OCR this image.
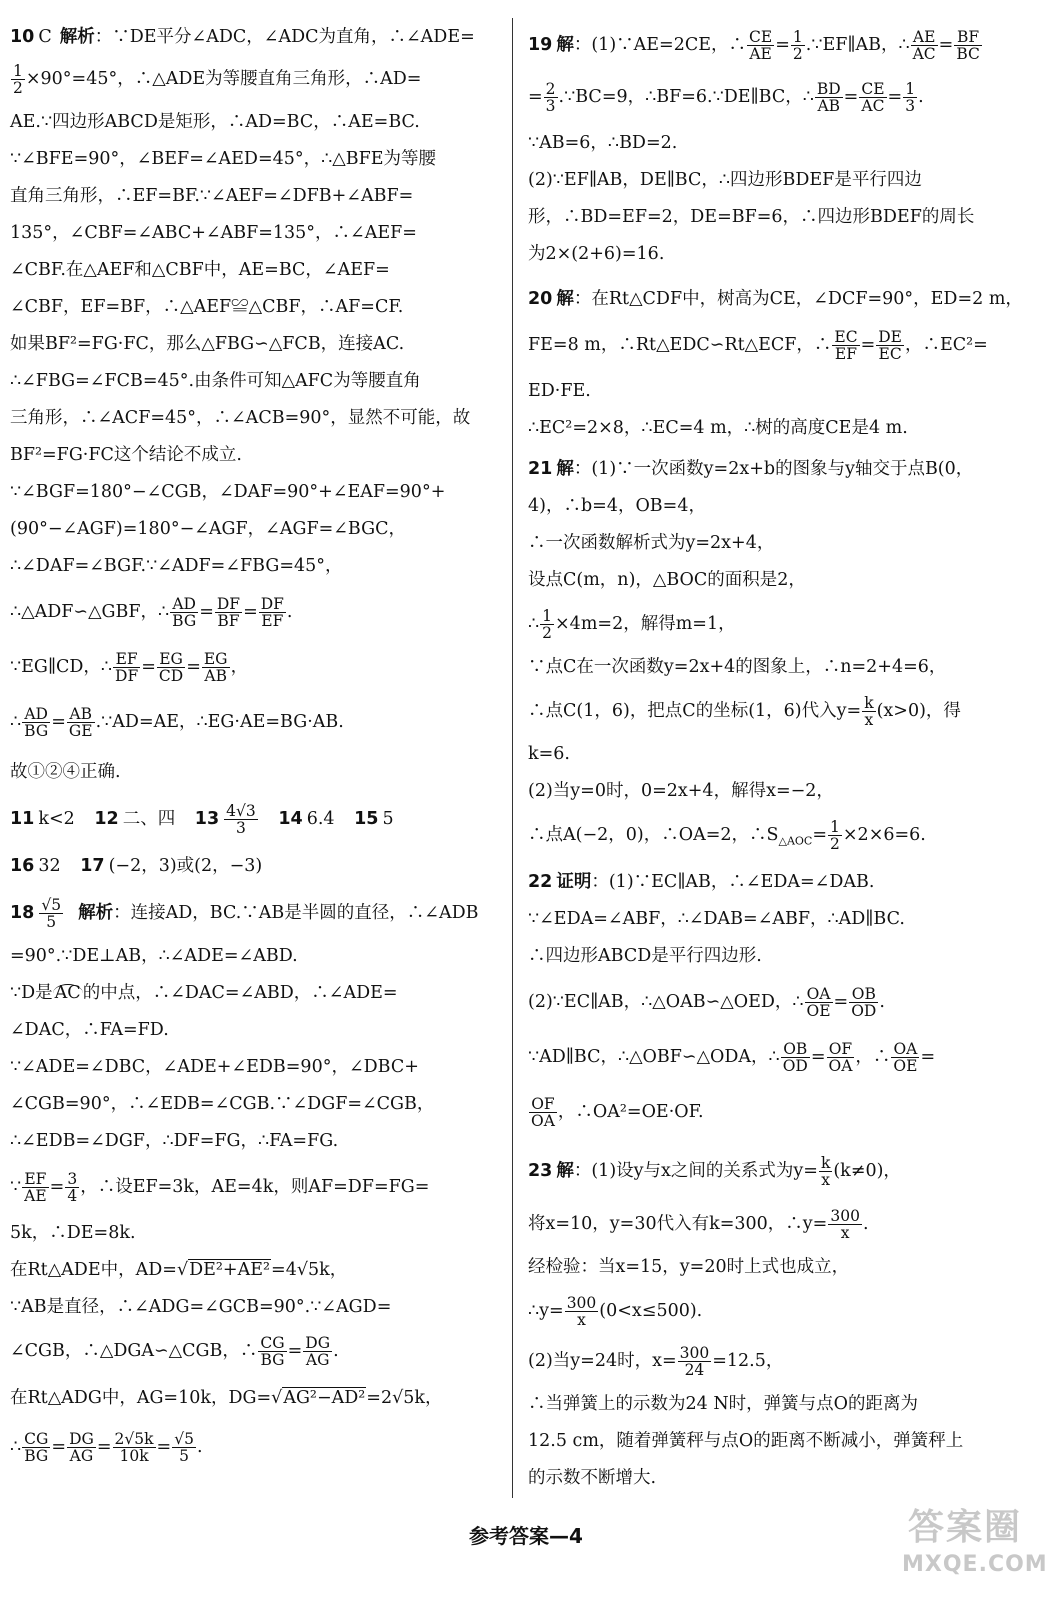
10 C 解析：∵DE平分∠ADC，∠ADC为直角，∴∠ADE=
$\frac{1}{2} \times 90^\circ=45^\circ$，∴△ADE为等腰直角三角形，∴AD=
AE.∵四边形ABCD是矩形，∴AD=BC，∴AE=BC.
∵∠BFE=90°，∠BEF=∠AED=45°，∴△BFE为等腰
直角三角形，∴EF=BF.∵∠AEF=∠DFB+∠ABF=
135°，∠CBF=∠ABC+∠ABF=135°，∴∠AEF=
∠CBF.在△AEF和△CBF中，AE=BC，∠AEF=
∠CBF，EF=BF，∴△AEF≌△CBF，∴AF=CF.
如果BF²=FG·FC，那么△FBG∽△FCB，连接AC.
∴∠FBG=∠FCB=45°.由条件可知△AFC为等腰直角
三角形，∴∠ACF=45°，∴∠ACB=90°，显然不可能，故
BF²=FG·FC这个结论不成立.
∵∠BGF=180°−∠CGB，∠DAF=90°+∠EAF=90°+
(90°−∠AGF)=180°−∠AGF，∠AGF=∠BGC，
∴∠DAF=∠BGF.∵∠ADF=∠FBG=45°，
∴△ADF∽△GBF，∴ $\frac{AD}{BG} = \frac{DF}{BF} = \frac{DF}{EF}$ .
∵EG∥CD，∴ $\frac{EF}{DF} = \frac{EG}{CD} = \frac{EG}{AB}$ ，
∴ $\frac{AD}{BG} = \frac{AB}{GE}$ .∵AD=AE，∴EG·AE=BG·AB.
故①②④正确.
11 k<2 12 二、四 $13 \frac{4√3}{3} 14$ 6.4 15 5
16 32 17 (−2，3)或(2，−3)
$18 \frac{√5}{5}$ 解析：连接AD，BC.∵AB是半圆的直径，∴∠ADB
=90°.∵DE⊥AB，∴∠ADE=∠ABD.
∵D是 AC 的中点，∴∠DAC=∠ABD，∴∠ADE=
∠DAC，∴FA=FD.
∵∠ADE=∠DBC，∠ADE+∠EDB=90°，∠DBC+
∠CGB=90°，∴∠EDB=∠CGB.∵∠DGF=∠CGB，
∴∠EDB=∠DGF，∴DF=FG，∴FA=FG.
∵ $\frac{EF}{AE} = \frac{3}{4}$ ，∴设EF=3k，AE=4k，则AF=DF=FG=
5k，∴DE=8k.
在Rt△ADE中，AD=√DE²+AE²=4√5k，
∵AB是直径，∴∠ADG=∠GCB=90°.∵∠AGD=
∠CGB，∴△DGA∽△CGB，∴ $\frac{CG}{BG} = \frac{DG}{AG}$ .
在Rt△ADG中，AG=10k，DG=√AG²−AD²=2√5k，
∴ $\frac{CG}{BG} = \frac{DG}{AG} = \frac{2√5k}{10k} = \frac{√5}{5}$ .
19 解：(1)∵AE=2CE，∴ $\frac{CE}{AE} = \frac{1}{2}$ .∵EF∥AB，∴ $\frac{AE}{AC} = \frac{BF}{BC}$
= $\frac{2}{3}$ .∵BC=9，∴BF=6.∵DE∥BC，∴ $\frac{BD}{AB} = \frac{CE}{AC} = \frac{1}{3}$ .
∵AB=6，∴BD=2.
(2)∵EF∥AB，DE∥BC，∴四边形BDEF是平行四边
形，∴BD=EF=2，DE=BF=6，∴四边形BDEF的周长
为2×(2+6)=16.
20 解：在Rt△CDF中，树高为CE，∠DCF=90°，ED=2 m，
FE=8 m，∴Rt△EDC∽Rt△ECF，∴ $\frac{EC}{EF} = \frac{DE}{EC}$ ，∴EC²=
ED·FE.
∴EC²=2×8，∴EC=4 m，∴树的高度CE是4 m.
21 解：(1)∵一次函数y=2x+b的图象与y轴交于点B(0，
4)，∴b=4，OB=4，
∴一次函数解析式为y=2x+4，
设点C(m，n)，△BOC的面积是2，
∴ $\frac{1}{2} \times 4m=2$，解得m=1，
∵点C在一次函数y=2x+4的图象上，∴n=2+4=6，
∴点C(1，6)，把点C的坐标(1，6)代入$y= \frac{k}{x} (x>0)$，得
k=6.
(2)当y=0时，0=2x+4，解得x=−2，
∴点A(−2，0)，∴OA=2，$\therefore S_{\triangle AOC}= \frac{1}{2} \times 2\times 6=6$.
22 证明：(1)∵EC∥AB，∴∠EDA=∠DAB.
∵∠EDA=∠ABF，∴∠DAB=∠ABF，∴AD∥BC.
∴四边形ABCD是平行四边形.
(2)∵EC∥AB，∴△OAB∽△OED，∴ $\frac{OA}{OE} = \frac{OB}{OD}$ .
∵AD∥BC，∴△OBF∽△ODA，∴ $\frac{OB}{OD} = \frac{OF}{OA}$ ，∴ $\frac{OA}{OE}$ =
$\frac{OF}{OA}$ ，∴OA²=OE·OF.
23 解：(1)设y与x之间的关系式为$y= \frac{k}{x} (k\ne 0)$，
将x=10，y=30代入有k=300，∴y= $\frac{300}{x}$ .
经检验：当x=15，y=20时上式也成立，
∴y= $\frac{300}{x} (0<x\le 500)$.
(2)当y=24时，$x= \frac{300}{24} =12.5$，
∴当弹簧上的示数为24 N时，弹簧与点O的距离为
12.5 cm，随着弹簧秤与点O的距离不断减小，弹簧秤上
的示数不断增大.
参考答案—4	答案圈
MXQE.COM
